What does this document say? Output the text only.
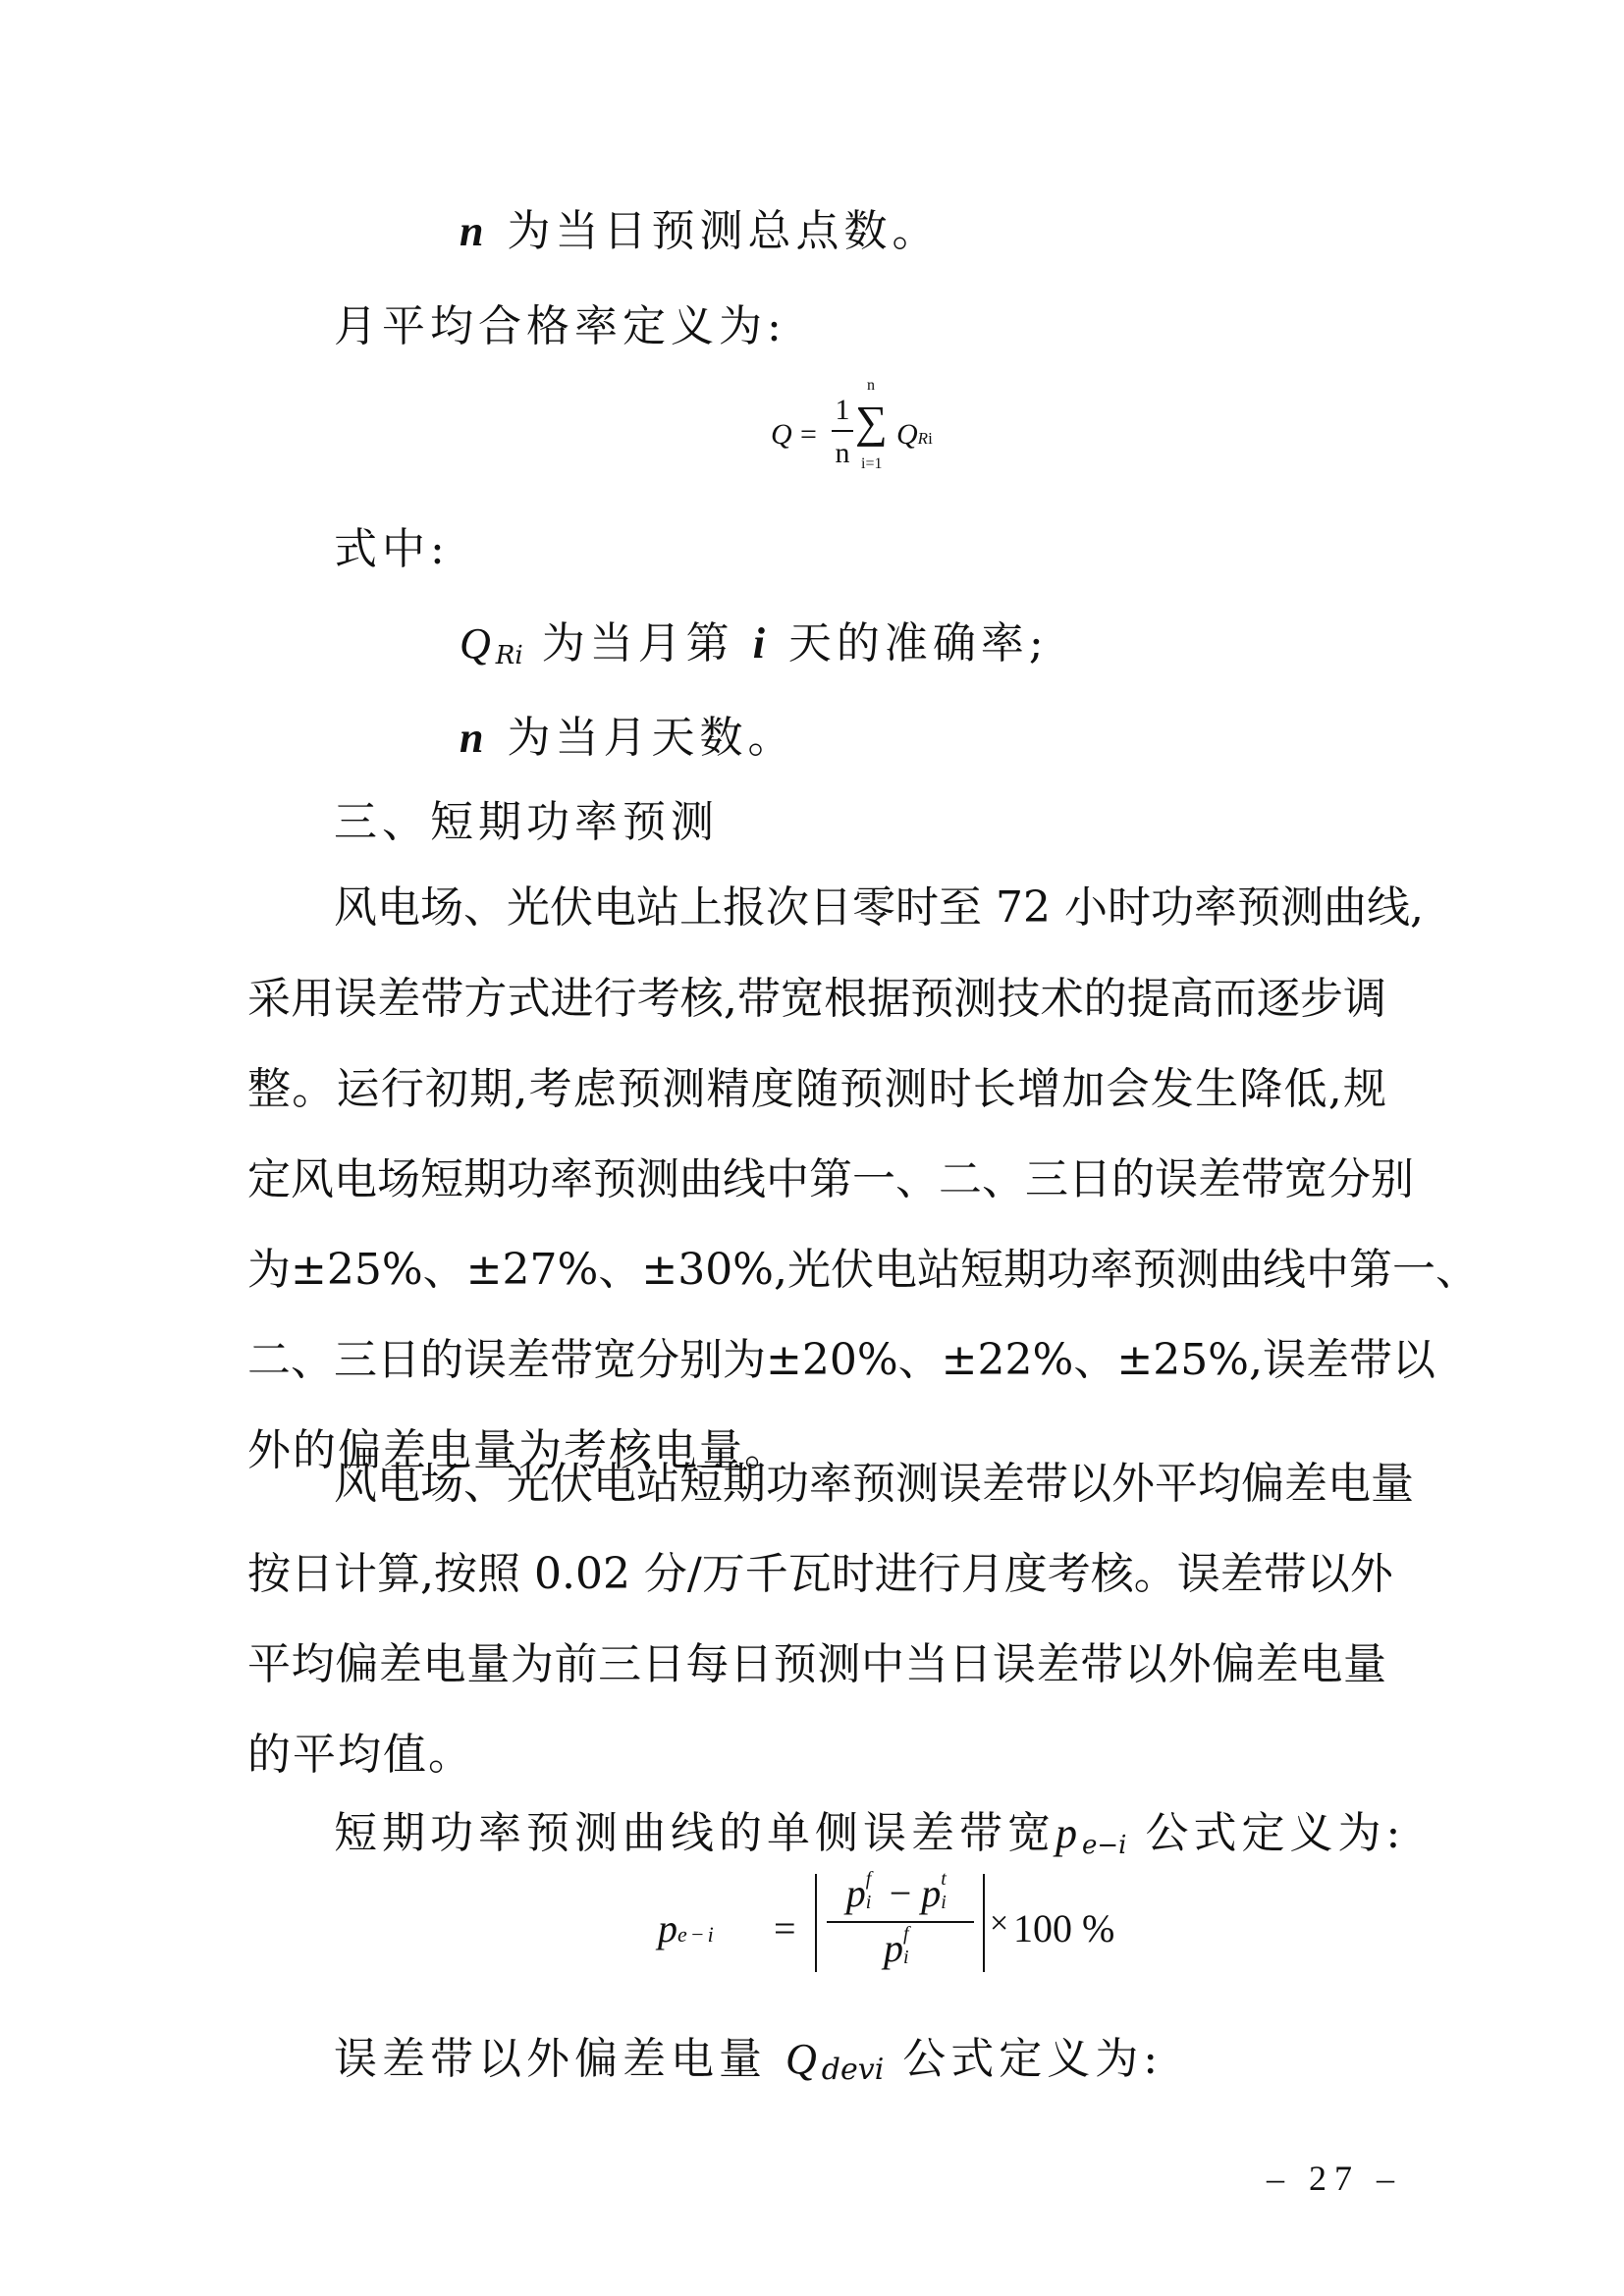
n 为当日预测总点数。
月平均合格率定义为:
Q =
1
n
n
∑
i=1
QRi
式中:
$Q_{Ri}$ 为当月第 i 天的准确率;
n 为当月天数。
三、短期功率预测
风电场、光伏电站上报次日零时至 72 小时功率预测曲线,
采用误差带方式进行考核,带宽根据预测技术的提高而逐步调
整。运行初期,考虑预测精度随预测时长增加会发生降低,规
定风电场短期功率预测曲线中第一、二、三日的误差带宽分别
为±25%、±27%、±30%,光伏电站短期功率预测曲线中第一、
二、三日的误差带宽分别为±20%、±22%、±25%,误差带以
外的偏差电量为考核电量。
风电场、光伏电站短期功率预测误差带以外平均偏差电量
按日计算,按照 0.02 分/万千瓦时进行月度考核。误差带以外
平均偏差电量为前三日每日预测中当日误差带以外偏差电量
的平均值。
短期功率预测曲线的单侧误差带宽$p_{e-i}$ 公式定义为:
pe−i =
p f
i − p t
i

p f
i

× 100 %
误差带以外偏差电量 $Q_{devi}$ 公式定义为:
– 27 –
